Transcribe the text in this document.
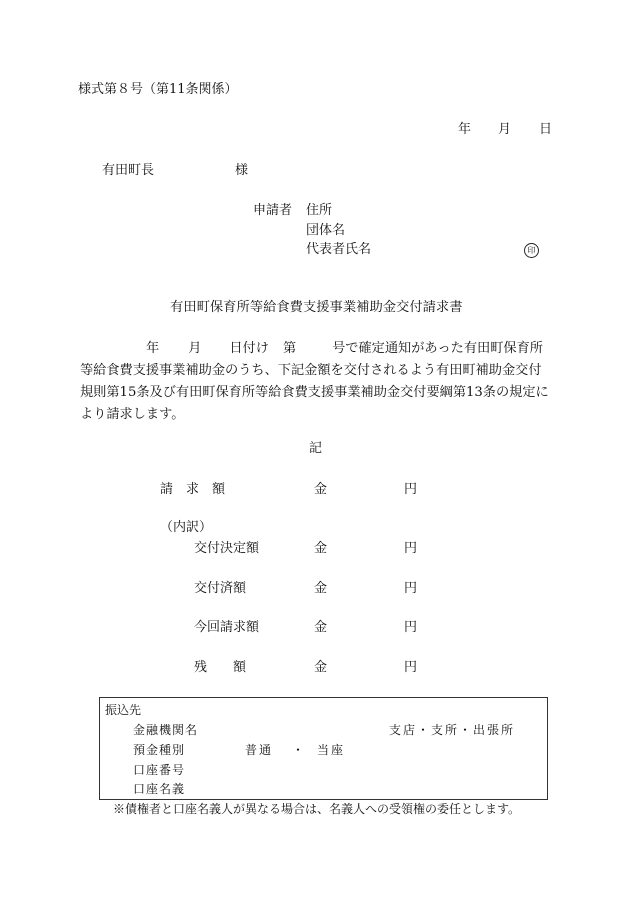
様式第８号（第11条関係）
年 月 日
有田町長	様
申請者 住所
団体名
代表者氏名	印
有田町保育所等給食費支援事業補助金交付請求書
年 月 日付け 第	号で確定通知があった有田町保育所
等給食費支援事業補助金のうち、下記金額を交付されるよう有田町補助金交付
規則第15条及び有田町保育所等給食費支援事業補助金交付要綱第13条の規定に
より請求します。
記
請　求　額	金	円
（内訳）
交付決定額	金	円
交付済額	金	円
今回請求額	金	円
残　　額	金	円
振込先
金融機関名	支店・支所・出張所
預金種別	普通 ・ 当座
口座番号
口座名義
※債権者と口座名義人が異なる場合は、名義人への受領権の委任とします。
